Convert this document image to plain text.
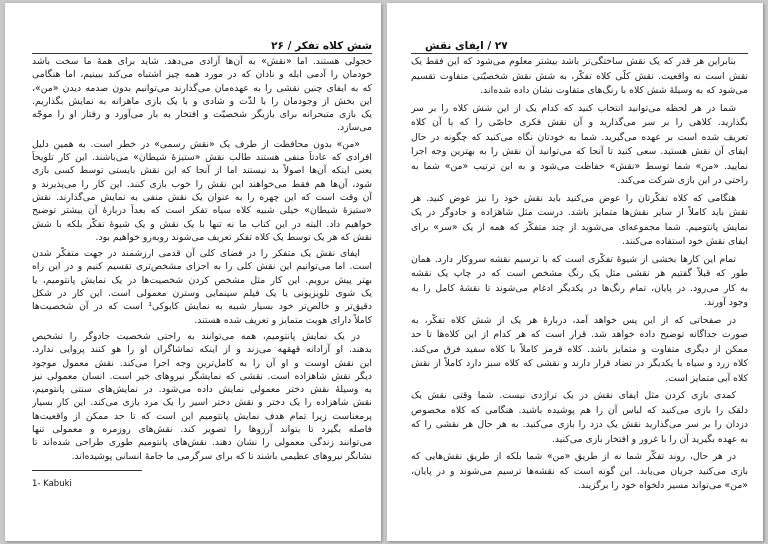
شش کلاه تفکر / ۲۶
خجولی هستند. اما «نقش» به آن‌ها آزادی می‌دهد. شاید برای همهٔ ما سخت باشد
خودمان را آدمی ابله و نادان که در مورد همه چیز اشتباه می‌کند ببینیم، اما هنگامی
که به ایفای چنین نقشی را به عهده‌مان می‌گذارند می‌توانیم بدون صدمه دیدن «من»،
این بخش از وجودمان را با لذّت و شادی و با یک بازی ماهرانه به نمایش بگذاریم.
یک بازی متبحرانه برای بازیگر شخصیّت و افتخار به بار می‌آورد و رفتار او را موجّه
می‌سازد.
«من» بدون محافظت از طرف یک «نقش رسمی» در خطر است. به همین دلیل
افرادی که عادتاً منفی هستند طالب نقش «ستیزهٔ شیطان» می‌باشند. این کار تلویحاً
یعنی اینکه آن‌ها اصولاً بد نیستند اما از آنجا که این نقش بایستی توسط کسی بازی
شود، آن‌ها هم فقط می‌خواهند این نقش را خوب بازی کنند. این کار را می‌پذیرند و
آن وقت است که این چهره را به عنوان یک نقش منفی به نمایش می‌گذارند. نقش
«ستیزهٔ شیطان» خیلی شبیه کلاه سیاه تفکر است که بعداً دربارهٔ آن بیشتر توضیح
خواهیم داد. البته در این کتاب ما نه تنها با یک نقش و یک شیوهٔ تفکّر بلکه با شش
نقش که هر یک توسط یک کلاه تفکر تعریف می‌شوند روبه‌رو خواهیم بود.
ایفای نقش یک متفکر را در فضای کلی آن قدمی ارزشمند در جهت متفکّر شدن
است. اما می‌توانیم این نقش کلی را به اجزای مشخص‌تری تقسیم کنیم و در این راه
بهتر پیش برویم. این کار مثل مشخص کردن شخصیت‌ها در یک نمایش پانتومیم، یا
یک شوی تلویزیونی یا یک فیلم سینمایی وسترن معمولی است. این کار در شکل
دقیق‌تر و خالص‌تر خود بسیار شبیه به نمایش کابوکی¹ است که در آن شخصیت‌ها
کاملاً دارای هویت متمایز و تعریف شده هستند.
در یک نمایش پانتومیم، همه می‌توانند به راحتی شخصیت جادوگر را تشخیص
بدهند. او آزادانه قهقهه می‌زند و از اینکه تماشاگران او را هو کنند پروایی ندارد.
این نقش اوست و او آن را به کامل‌ترین وجه اجرا می‌کند. نقش معمول موجود
دیگر نقش شاهزاده است. نقشی که نمایشگر نیروهای خیر است. انسان معمولی نیز
به وسیلهٔ نقش دختر معمولی نمایش داده می‌شود. در نمایش‌های سنتی پانتومیم،
نقش شاهزاده را یک دختر و نقش دختر اسیر را یک مرد بازی می‌کند. این کار بسیار
پرمعناست زیرا تمام هدف نمایش پانتومیم این است که تا حد ممکن از واقعیت‌ها
فاصله بگیرد تا بتواند آرزوها را تصویر کند. نقش‌های روزمره و معمولی تنها
می‌توانند زندگی معمولی را نشان دهند. نقش‌های پانتومیم طوری طراحی شده‌اند تا
نشانگر نیروهای عظیمی باشند تا که برای سرگرمی ما جامهٔ انسانی پوشیده‌اند.
1- Kabuki
۲۷ / ایفای نقش
بنابراین هر قدر که یک نقش ساختگی‌تر باشد بیشتر معلوم می‌شود که این فقط یک
نقش است نه واقعیت. نقش کلّی کلاه تفکّر، به شش نقش شخصیّتی متفاوت تقسیم
می‌شود که به وسیلهٔ شش کلاه با رنگ‌های متفاوت نشان داده شده‌اند.
شما در هر لحظه می‌توانید انتخاب کنید که کدام یک از این شش کلاه را بر سر
بگذارید. کلاهی را بر سر می‌گذارید و آن نقش فکری خاصّی را که با آن کلاه
تعریف شده است بر عهده می‌گیرید. شما به خودتان نگاه می‌کنید که چگونه در حال
ایفای آن نقش هستید. سعی کنید تا آنجا که می‌توانید آن نقش را به بهترین وجه اجرا
نمایید. «من» شما توسط «نقش» حفاظت می‌شود و به این ترتیب «من» شما به
راحتی در این بازی شرکت می‌کند.
هنگامی که کلاه تفکّرتان را عوض می‌کنید باید نقش خود را نیز عوض کنید. هر
نقش باید کاملاً از سایر نقش‌ها متمایز باشد. درست مثل شاهزاده و جادوگر در یک
نمایش پانتومیم. شما مجموعه‌ای می‌شوید از چند متفکّر که همه از یک «سر» برای
ایفای نقش خود استفاده می‌کنند.
تمام این کارها بخشی از شیوهٔ تفکّری است که با ترسیم نقشه سروکار دارد. همان
طور که قبلاً گفتیم هر نقشی مثل یک رنگ مشخص است که در چاپ یک نقشه
به کار می‌رود. در پایان، تمام رنگ‌ها در یکدیگر ادغام می‌شوند تا نقشهٔ کامل را به
وجود آورند.
در صفحاتی که از این پس خواهد آمد، دربارهٔ هر یک از شش کلاه تفکّر، به
صورت جداگانه توضیح داده خواهد شد. قرار است که هر کدام از این کلاه‌ها تا حد
ممکن از دیگری متفاوت و متمایز باشد. کلاه قرمز کاملاً با کلاه سفید فرق می‌کند.
کلاه زرد و سیاه با یکدیگر در تضاد قرار دارند و نقشی که کلاه سبز دارد کاملاً از نقش
کلاه آبی متمایز است.
کمدی بازی کردن مثل ایفای نقش در یک تراژدی نیست. شما وقتی نقش یک
دلقک را بازی می‌کنید که لباس آن را هم پوشیده باشید. هنگامی که کلاه مخصوص
دزدان را بر سر می‌گذارید نقش یک دزد را بازی می‌کنید. به هر حال هر نقشی را که
به عهده بگیرید آن را با غرور و افتخار بازی می‌کنید.
در هر حال، روند تفکّر شما نه از طریق «من» شما بلکه از طریق نقش‌هایی که
بازی می‌کنید جریان می‌یابد. این گونه است که نقشه‌ها ترسیم می‌شوند و در پایان،
«من» می‌تواند مسیر دلخواه خود را برگزیند.
